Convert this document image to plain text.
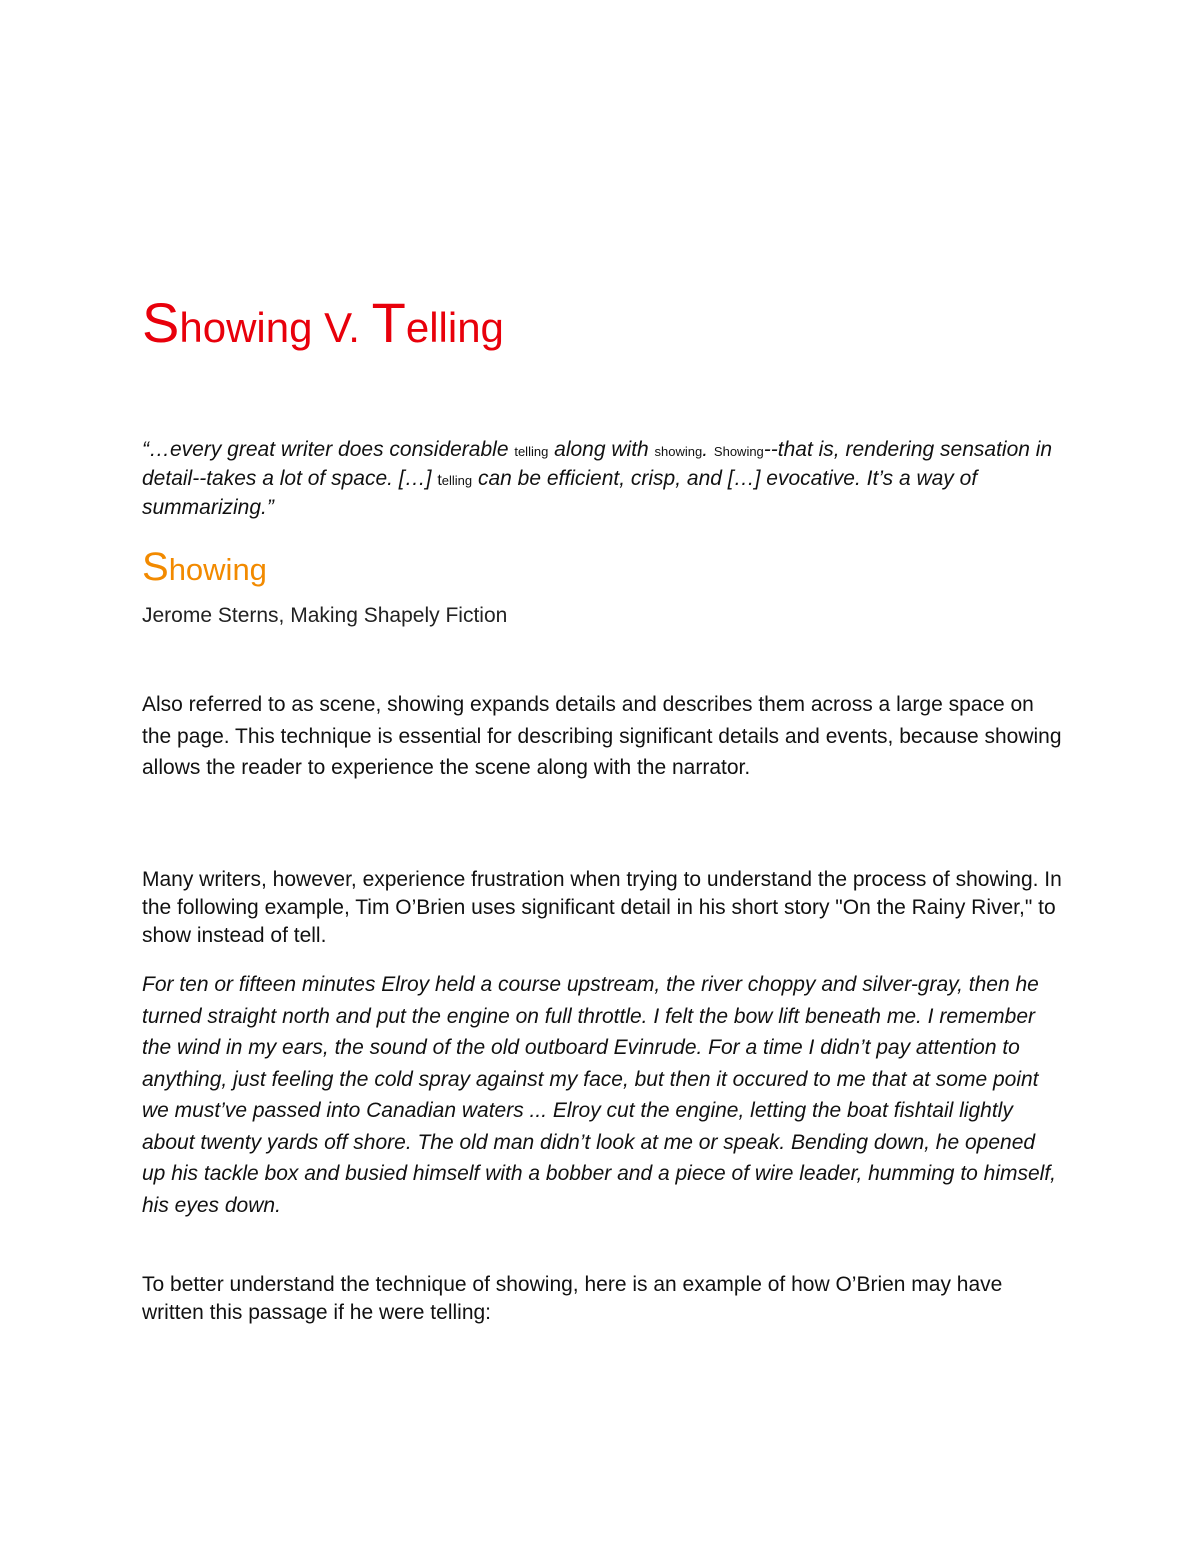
Showing V. Telling

“…every great writer does considerable telling along with showing. Showing--that is, rendering sensation in detail--takes a lot of space. […] telling can be efficient, crisp, and […] evocative. It’s a way of summarizing.”

Showing

Jerome Sterns, Making Shapely Fiction

Also referred to as scene, showing expands details and describes them across a large space on the page. This technique is essential for describing significant details and events, because showing allows the reader to experience the scene along with the narrator.

Many writers, however, experience frustration when trying to understand the process of showing. In the following example, Tim O’Brien uses significant detail in his short story "On the Rainy River," to show instead of tell.

For ten or fifteen minutes Elroy held a course upstream, the river choppy and silver-gray, then he turned straight north and put the engine on full throttle. I felt the bow lift beneath me. I remember the wind in my ears, the sound of the old outboard Evinrude. For a time I didn’t pay attention to anything, just feeling the cold spray against my face, but then it occured to me that at some point we must’ve passed into Canadian waters ... Elroy cut the engine, letting the boat fishtail lightly about twenty yards off shore. The old man didn’t look at me or speak. Bending down, he opened up his tackle box and busied himself with a bobber and a piece of wire leader, humming to himself, his eyes down.

To better understand the technique of showing, here is an example of how O’Brien may have written this passage if he were telling:
